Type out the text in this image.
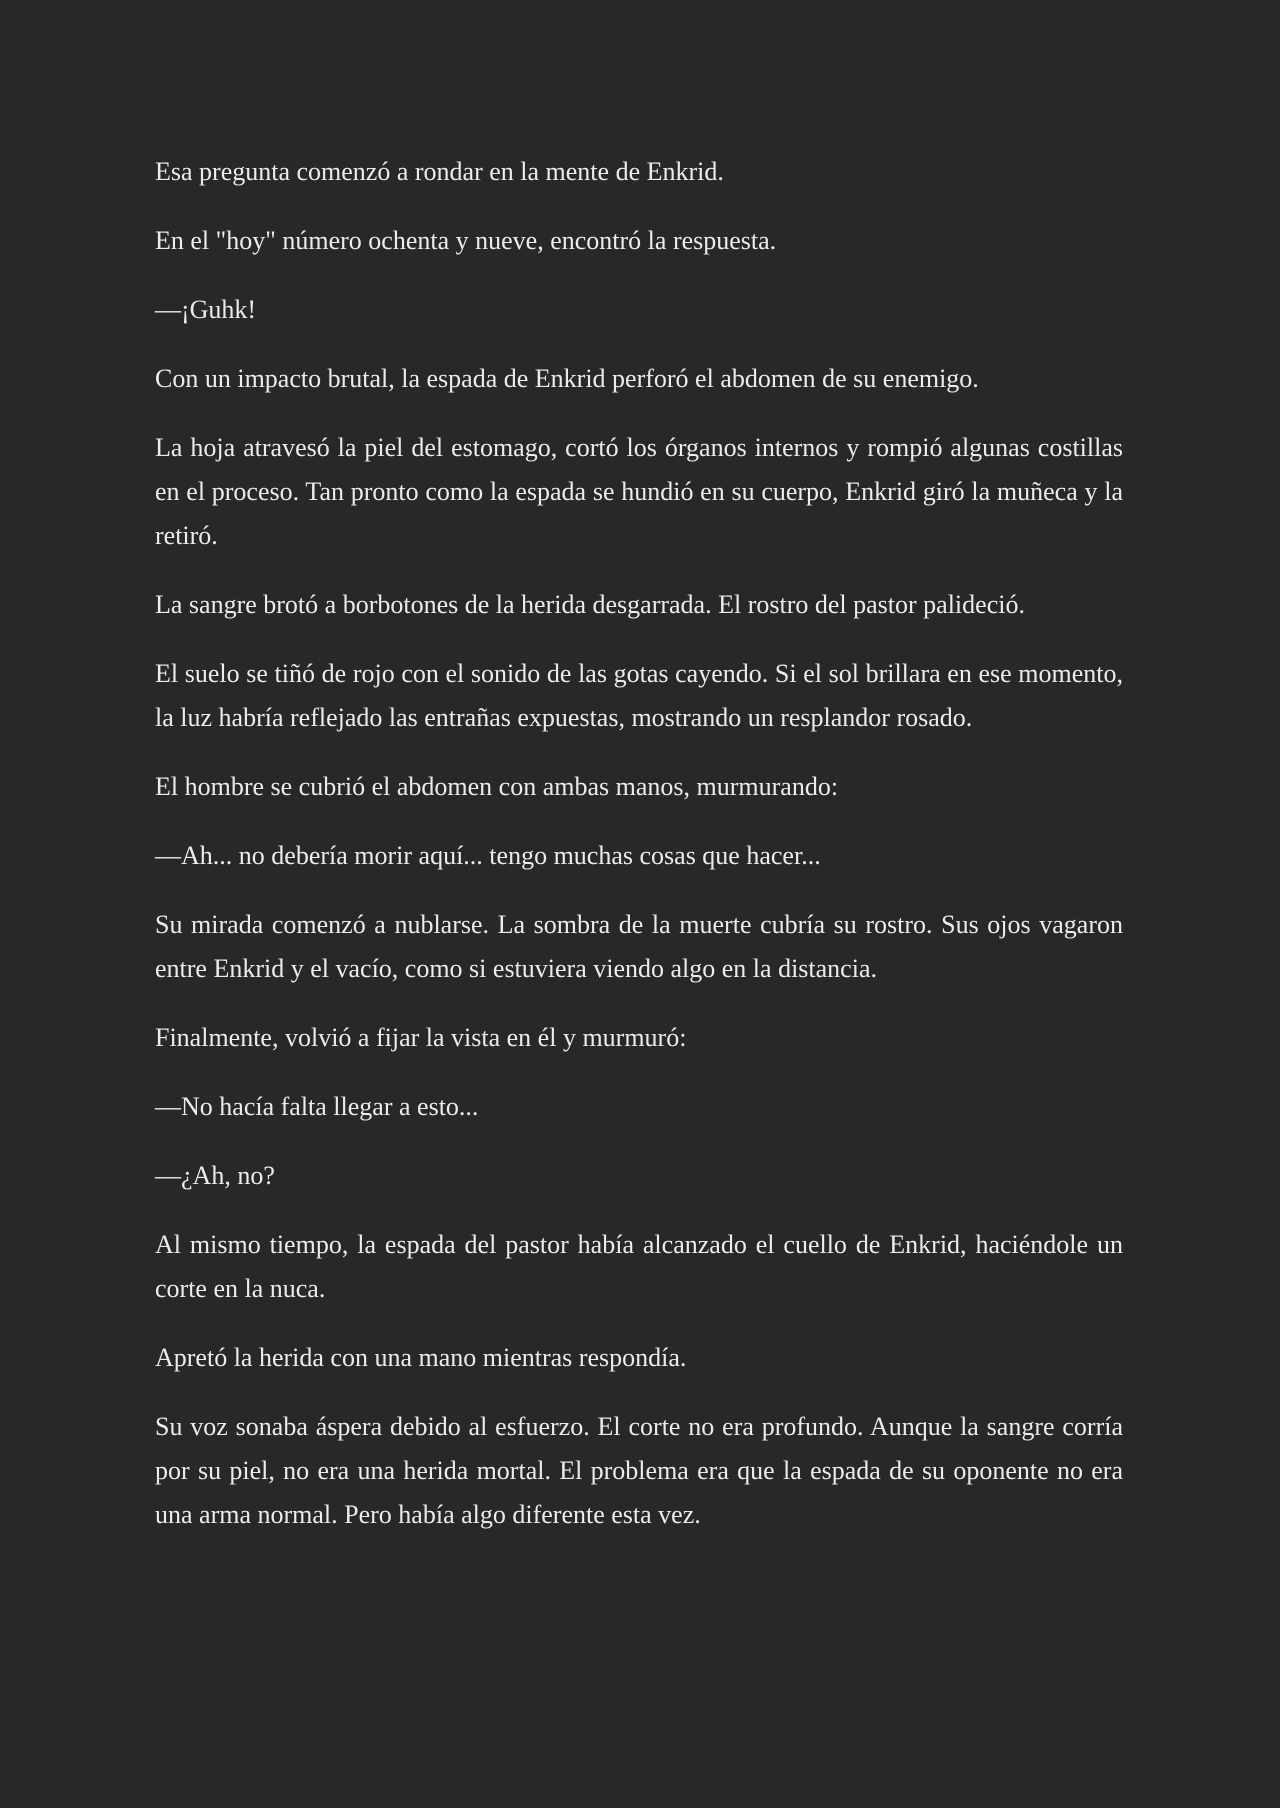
Esa pregunta comenzó a rondar en la mente de Enkrid.

En el "hoy" número ochenta y nueve, encontró la respuesta.

—¡Guhk!

Con un impacto brutal, la espada de Enkrid perforó el abdomen de su enemigo.

La hoja atravesó la piel del estomago, cortó los órganos internos y rompió algunas costillas en el proceso. Tan pronto como la espada se hundió en su cuerpo, Enkrid giró la muñeca y la retiró.

La sangre brotó a borbotones de la herida desgarrada. El rostro del pastor palideció.

El suelo se tiñó de rojo con el sonido de las gotas cayendo. Si el sol brillara en ese momento, la luz habría reflejado las entrañas expuestas, mostrando un resplandor rosado.

El hombre se cubrió el abdomen con ambas manos, murmurando:

—Ah... no debería morir aquí... tengo muchas cosas que hacer...

Su mirada comenzó a nublarse. La sombra de la muerte cubría su rostro. Sus ojos vagaron entre Enkrid y el vacío, como si estuviera viendo algo en la distancia.

Finalmente, volvió a fijar la vista en él y murmuró:

—No hacía falta llegar a esto...

—¿Ah, no?

Al mismo tiempo, la espada del pastor había alcanzado el cuello de Enkrid, haciéndole un corte en la nuca.

Apretó la herida con una mano mientras respondía.

Su voz sonaba áspera debido al esfuerzo. El corte no era profundo. Aunque la sangre corría por su piel, no era una herida mortal. El problema era que la espada de su oponente no era una arma normal. Pero había algo diferente esta vez.
